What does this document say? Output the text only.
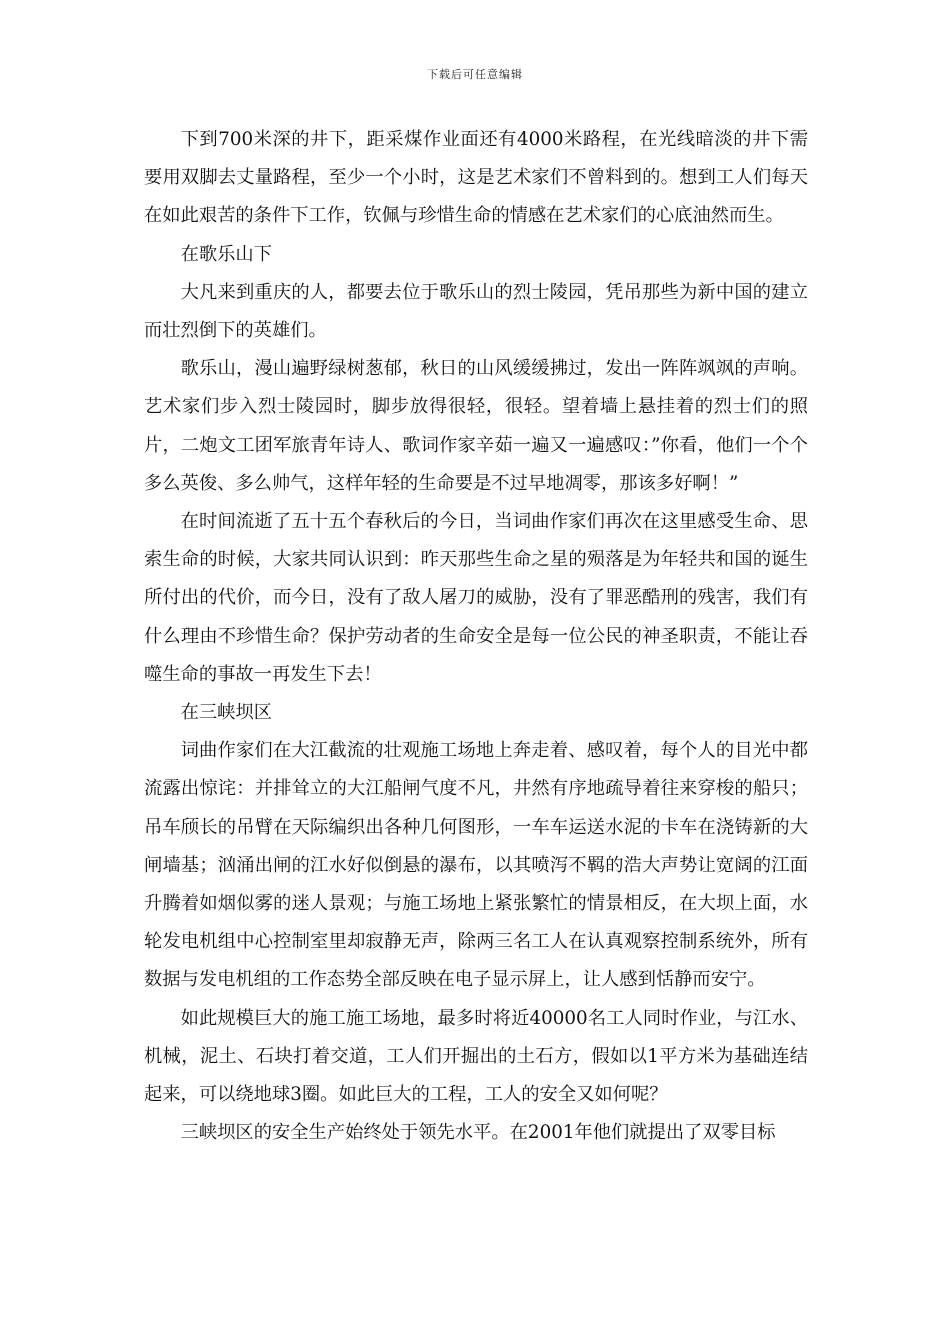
下载后可任意编辑

下到700米深的井下，距采煤作业面还有4000米路程，在光线暗淡的井下需要用双脚去丈量路程，至少一个小时，这是艺术家们不曾料到的。想到工人们每天在如此艰苦的条件下工作，钦佩与珍惜生命的情感在艺术家们的心底油然而生。

在歌乐山下

大凡来到重庆的人，都要去位于歌乐山的烈士陵园，凭吊那些为新中国的建立而壮烈倒下的英雄们。

歌乐山，漫山遍野绿树葱郁，秋日的山风缓缓拂过，发出一阵阵飒飒的声响。艺术家们步入烈士陵园时，脚步放得很轻，很轻。望着墙上悬挂着的烈士们的照片，二炮文工团军旅青年诗人、歌词作家辛茹一遍又一遍感叹：”你看，他们一个个多么英俊、多么帅气，这样年轻的生命要是不过早地凋零，那该多好啊！”

在时间流逝了五十五个春秋后的今日，当词曲作家们再次在这里感受生命、思索生命的时候，大家共同认识到：昨天那些生命之星的殒落是为年轻共和国的诞生所付出的代价，而今日，没有了敌人屠刀的威胁，没有了罪恶酷刑的残害，我们有什么理由不珍惜生命？保护劳动者的生命安全是每一位公民的神圣职责，不能让吞噬生命的事故一再发生下去！

在三峡坝区

词曲作家们在大江截流的壮观施工场地上奔走着、感叹着，每个人的目光中都流露出惊诧：并排耸立的大江船闸气度不凡，井然有序地疏导着往来穿梭的船只；吊车颀长的吊臂在天际编织出各种几何图形，一车车运送水泥的卡车在浇铸新的大闸墙基；汹涌出闸的江水好似倒悬的瀑布，以其喷泻不羁的浩大声势让宽阔的江面升腾着如烟似雾的迷人景观；与施工场地上紧张繁忙的情景相反，在大坝上面，水轮发电机组中心控制室里却寂静无声，除两三名工人在认真观察控制系统外，所有数据与发电机组的工作态势全部反映在电子显示屏上，让人感到恬静而安宁。

如此规模巨大的施工施工场地，最多时将近40000名工人同时作业，与江水、机械，泥土、石块打着交道，工人们开掘出的土石方，假如以1平方米为基础连结起来，可以绕地球3圈。如此巨大的工程，工人的安全又如何呢？

三峡坝区的安全生产始终处于领先水平。在2001年他们就提出了双零目标
